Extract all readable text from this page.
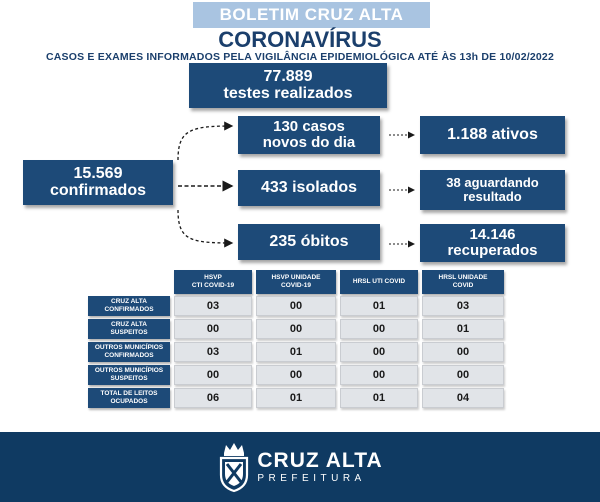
BOLETIM CRUZ ALTA
CORONAVÍRUS
CASOS E EXAMES INFORMADOS PELA VIGILÂNCIA EPIDEMIOLÓGICA ATÉ ÀS 13h DE 10/02/2022
77.889
testes realizados
15.569
confirmados
130 casos
novos do dia	1.188 ativos
433 isolados	38 aguardando
resultado
235 óbitos	14.146
recuperados
HSVP
CTI COVID-19
HSVP UNIDADE
COVID-19
HRSL UTI COVID
HRSL UNIDADE
COVID
CRUZ ALTA
CONFIRMADOS	03	00	01	03
CRUZ ALTA
SUSPEITOS	00	00	00	01
OUTROS MUNICÍPIOS
CONFIRMADOS	03	01	00	00
OUTROS MUNICÍPIOS
SUSPEITOS	00	00	00	00
TOTAL DE LEITOS
OCUPADOS	06	01	01	04
CRUZ ALTA
PREFEITURA
